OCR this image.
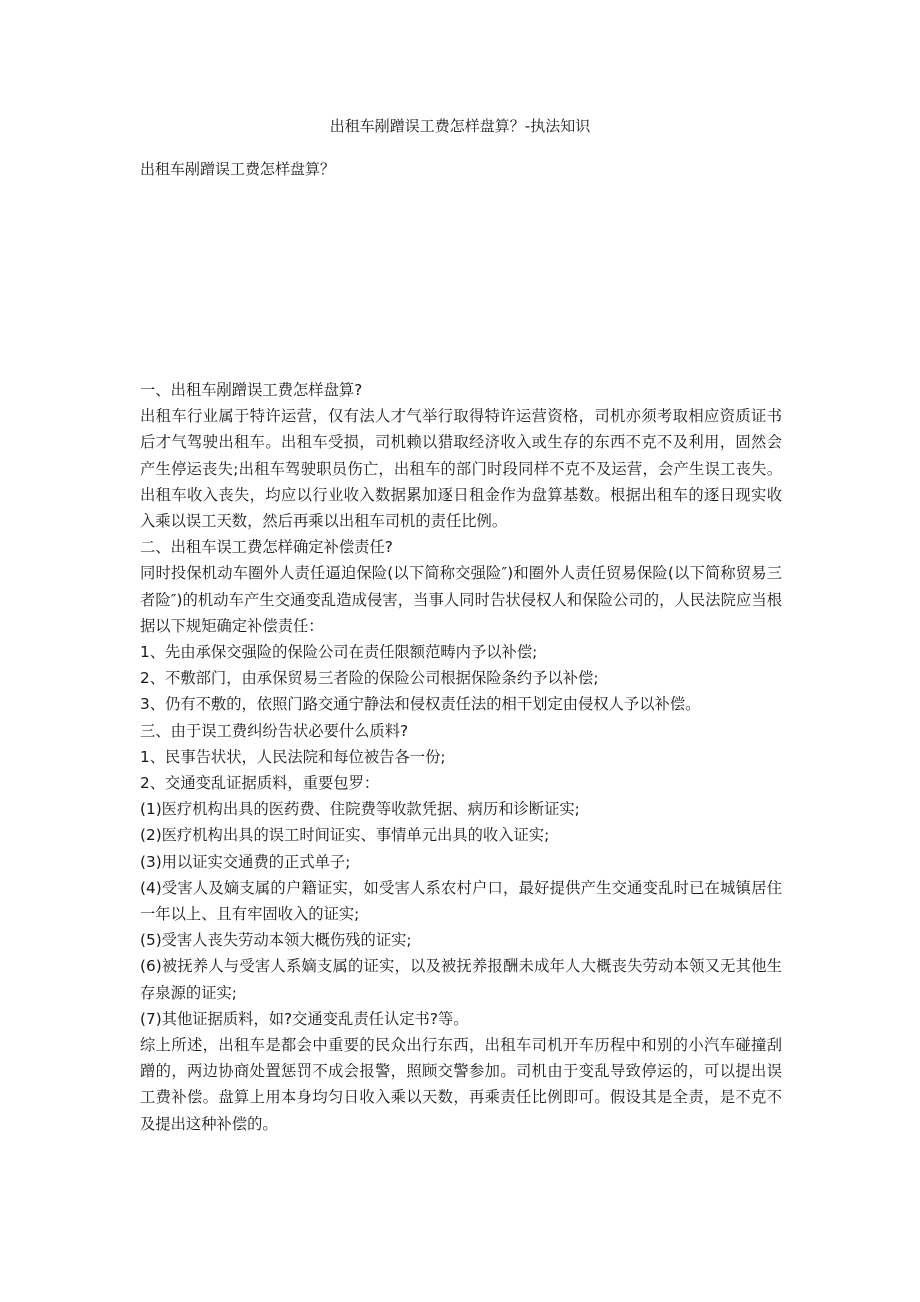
出租车剐蹭误工费怎样盘算？-执法知识

出租车剐蹭误工费怎样盘算？

一、出租车剐蹭误工费怎样盘算?

出租车行业属于特许运营，仅有法人才气举行取得特许运营资格，司机亦须考取相应资质证书后才气驾驶出租车。出租车受损，司机赖以猎取经济收入或生存的东西不克不及利用，固然会产生停运丧失;出租车驾驶职员伤亡，出租车的部门时段同样不克不及运营，会产生误工丧失。出租车收入丧失，均应以行业收入数据累加逐日租金作为盘算基数。根据出租车的逐日现实收入乘以误工天数，然后再乘以出租车司机的责任比例。

二、出租车误工费怎样确定补偿责任?

同时投保机动车圈外人责任逼迫保险(以下简称交强险″)和圈外人责任贸易保险(以下简称贸易三者险″)的机动车产生交通变乱造成侵害，当事人同时告状侵权人和保险公司的，人民法院应当根据以下规矩确定补偿责任：

1、先由承保交强险的保险公司在责任限额范畴内予以补偿;

2、不敷部门，由承保贸易三者险的保险公司根据保险条约予以补偿;

3、仍有不敷的，依照门路交通宁静法和侵权责任法的相干划定由侵权人予以补偿。

三、由于误工费纠纷告状必要什么质料?

1、民事告状状，人民法院和每位被告各一份;

2、交通变乱证据质料，重要包罗：

(1)医疗机构出具的医药费、住院费等收款凭据、病历和诊断证实;

(2)医疗机构出具的误工时间证实、事情单元出具的收入证实;

(3)用以证实交通费的正式单子;

(4)受害人及嫡支属的户籍证实，如受害人系农村户口，最好提供产生交通变乱时已在城镇居住一年以上、且有牢固收入的证实;

(5)受害人丧失劳动本领大概伤残的证实;

(6)被抚养人与受害人系嫡支属的证实，以及被抚养报酬未成年人大概丧失劳动本领又无其他生存泉源的证实;

(7)其他证据质料，如?交通变乱责任认定书?等。

综上所述，出租车是都会中重要的民众出行东西，出租车司机开车历程中和别的小汽车碰撞刮蹭的，两边协商处置惩罚不成会报警，照顾交警参加。司机由于变乱导致停运的，可以提出误工费补偿。盘算上用本身均匀日收入乘以天数，再乘责任比例即可。假设其是全责，是不克不及提出这种补偿的。
